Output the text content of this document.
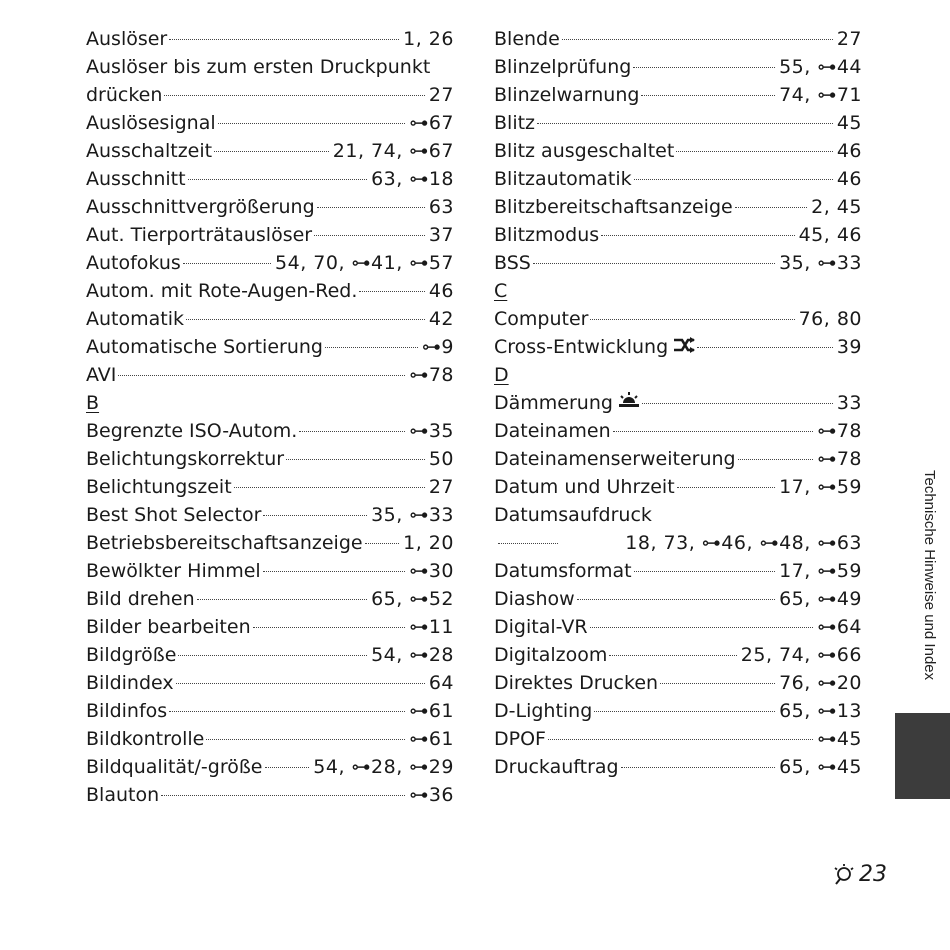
Auslöser	1, 26
Auslöser bis zum ersten Druckpunkt
drücken	27
Auslösesignal	⊶67
Ausschaltzeit	21, 74, ⊶67
Ausschnitt	63, ⊶18
Ausschnittvergrößerung	63
Aut. Tierporträtauslöser	37
Autofokus	54, 70, ⊶41, ⊶57
Autom. mit Rote-Augen-Red.	46
Automatik	42
Automatische Sortierung	⊶9
AVI	⊶78
B
Begrenzte ISO-Autom.	⊶35
Belichtungskorrektur	50
Belichtungszeit	27
Best Shot Selector	35, ⊶33
Betriebsbereitschaftsanzeige 1, 20
Bewölkter Himmel	⊶30
Bild drehen	65, ⊶52
Bilder bearbeiten	⊶11
Bildgröße	54, ⊶28
Bildindex	64
Bildinfos	⊶61
Bildkontrolle	⊶61
Bildqualität/-größe	54, ⊶28, ⊶29
Blauton	⊶36
Blende	27
Blinzelprüfung	55, ⊶44
Blinzelwarnung	74, ⊶71
Blitz	45
Blitz ausgeschaltet	46
Blitzautomatik	46
Blitzbereitschaftsanzeige	2, 45
Blitzmodus	45, 46
BSS	35, ⊶33
C
Computer	76, 80
Cross-Entwicklung	39
D
Dämmerung	33
Dateinamen	⊶78
Dateinamenserweiterung	⊶78
Datum und Uhrzeit	17, ⊶59
Datumsaufdruck
18, 73, ⊶46, ⊶48, ⊶63
Datumsformat	17, ⊶59
Diashow	65, ⊶49
Digital-VR	⊶64
Digitalzoom	25, 74, ⊶66
Direktes Drucken	76, ⊶20
D-Lighting	65, ⊶13
DPOF	⊶45
Druckauftrag	65, ⊶45
Technische Hinweise und Index
23
